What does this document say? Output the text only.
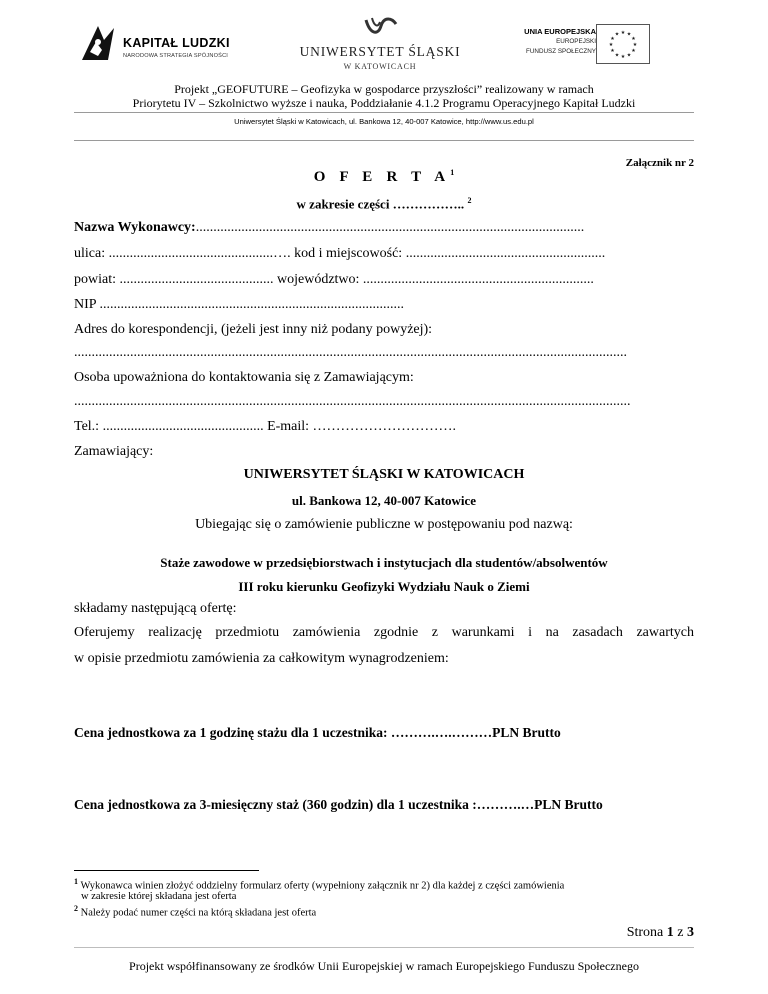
KAPITAŁ LUDZKI
NARODOWA STRATEGIA SPÓJNOŚCI	UNIWERSYTET ŚLĄSKI
W KATOWICACH
UNIA EUROPEJSKA
EUROPEJSKI
FUNDUSZ SPOŁECZNY
★ ★
★
★
★
★
★
★
★
★
★
★
Projekt „GEOFUTURE – Geofizyka w gospodarce przyszłości” realizowany w ramach
Priorytetu IV – Szkolnictwo wyższe i nauka, Poddziałanie 4.1.2 Programu Operacyjnego Kapitał Ludzki
Uniwersytet Śląski w Katowicach, ul. Bankowa 12, 40-007 Katowice, http://www.us.edu.pl
Załącznik nr 2
O F E R T $A^1$
w zakresie części …………….. $^2$
Nazwa Wykonawcy:...............................................................................................................
ulica: ...............................................…. kod i miejscowość: .........................................................
powiat: ............................................ województwo: ..................................................................
NIP .......................................................................................
Adres do korespondencji, (jeżeli jest inny niż podany powyżej):
..............................................................................................................................................................
Osoba upoważniona do kontaktowania się z Zamawiającym:
...............................................................................................................................................................
Tel.: .............................................. E-mail: ………………………….
Zamawiający:
UNIWERSYTET ŚLĄSKI W KATOWICACH
ul. Bankowa 12, 40-007 Katowice
Ubiegając się o zamówienie publiczne w postępowaniu pod nazwą:
Staże zawodowe w przedsiębiorstwach i instytucjach dla studentów/absolwentów
III roku kierunku Geofizyki Wydziału Nauk o Ziemi
składamy następującą ofertę:
Oferujemy realizację przedmiotu zamówienia zgodnie z warunkami i na zasadach zawartych
w opisie przedmiotu zamówienia za całkowitym wynagrodzeniem:
Cena jednostkowa za 1 godzinę stażu dla 1 uczestnika: ……….….………PLN Brutto
Cena jednostkowa za 3-miesięczny staż (360 godzin) dla 1 uczestnika :……….…PLN Brutto
$^1$ Wykonawca winien złożyć oddzielny formularz oferty (wypełniony załącznik nr 2) dla każdej z części zamówienia
w zakresie której składana jest oferta
$^2$ Należy podać numer części na którą składana jest oferta
Strona 1 z 3
Projekt współfinansowany ze środków Unii Europejskiej w ramach Europejskiego Funduszu Społecznego
